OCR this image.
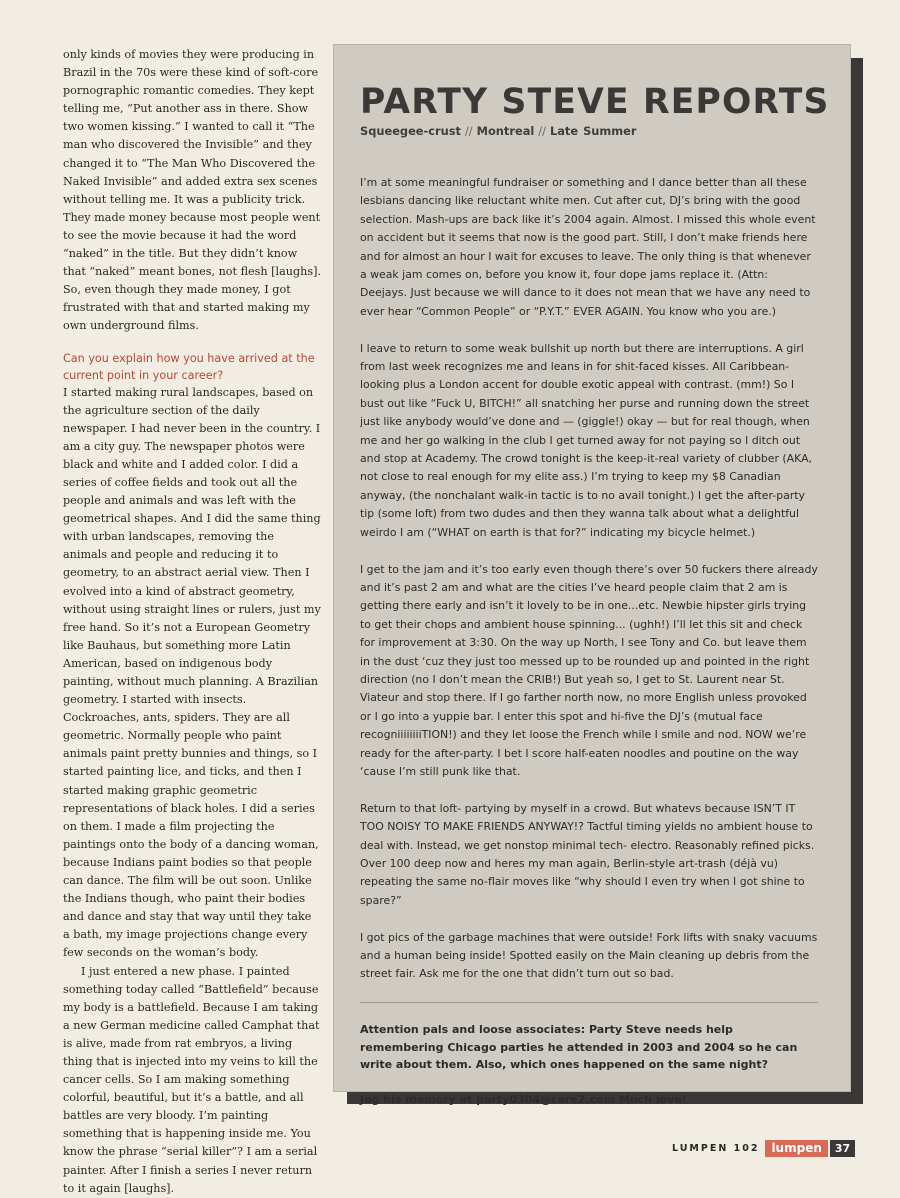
only kinds of movies they were producing in Brazil in the 70s were these kind of soft-core pornographic romantic comedies. They kept telling me, “Put another ass in there. Show two women kissing.” I wanted to call it “The man who discovered the Invisible” and they changed it to “The Man Who Discovered the Naked Invisible” and added extra sex scenes without telling me. It was a publicity trick. They made money because most people went to see the movie because it had the word “naked” in the title. But they didn’t know that “naked” meant bones, not flesh [laughs]. So, even though they made money, I got frustrated with that and started making my own underground films.

Can you explain how you have arrived at the current point in your career?

I started making rural landscapes, based on the agriculture section of the daily newspaper. I had never been in the country. I am a city guy. The newspaper photos were black and white and I added color. I did a series of coffee fields and took out all the people and animals and was left with the geometrical shapes. And I did the same thing with urban landscapes, removing the animals and people and reducing it to geometry, to an abstract aerial view. Then I evolved into a kind of abstract geometry, without using straight lines or rulers, just my free hand. So it’s not a European Geometry like Bauhaus, but something more Latin American, based on indigenous body painting, without much planning. A Brazilian geometry. I started with insects. Cockroaches, ants, spiders. They are all geometric. Normally people who paint animals paint pretty bunnies and things, so I started painting lice, and ticks, and then I started making graphic geometric representations of black holes. I did a series on them. I made a film projecting the paintings onto the body of a dancing woman, because Indians paint bodies so that people can dance. The film will be out soon. Unlike the Indians though, who paint their bodies and dance and stay that way until they take a bath, my image projections change every few seconds on the woman’s body.

I just entered a new phase. I painted something today called “Battlefield” because my body is a battlefield. Because I am taking a new German medicine called Camphat that is alive, made from rat embryos, a living thing that is injected into my veins to kill the cancer cells. So I am making something colorful, beautiful, but it’s a battle, and all battles are very bloody. I’m painting something that is happening inside me. You know the phrase “serial killer”? I am a serial painter. After I finish a series I never return to it again [laughs].

PARTY STEVE REPORTS
Squeegee-crust // Montreal // Late Summer

I’m at some meaningful fundraiser or something and I dance better than all these lesbians dancing like reluctant white men. Cut after cut, DJ’s bring with the good selection. Mash-ups are back like it’s 2004 again. Almost. I missed this whole event on accident but it seems that now is the good part. Still, I don’t make friends here and for almost an hour I wait for excuses to leave. The only thing is that whenever a weak jam comes on, before you know it, four dope jams replace it. (Attn: Deejays. Just because we will dance to it does not mean that we have any need to ever hear “Common People” or “P.Y.T.” EVER AGAIN. You know who you are.)

I leave to return to some weak bullshit up north but there are interruptions. A girl from last week recognizes me and leans in for shit-faced kisses. All Caribbean-looking plus a London accent for double exotic appeal with contrast. (mm!) So I bust out like “Fuck U, BITCH!” all snatching her purse and running down the street just like anybody would’ve done and — (giggle!) okay — but for real though, when me and her go walking in the club I get turned away for not paying so I ditch out and stop at Academy. The crowd tonight is the keep-it-real variety of clubber (AKA, not close to real enough for my elite ass.) I’m trying to keep my $8 Canadian anyway, (the nonchalant walk-in tactic is to no avail tonight.) I get the after-party tip (some loft) from two dudes and then they wanna talk about what a delightful weirdo I am (“WHAT on earth is that for?” indicating my bicycle helmet.)

I get to the jam and it’s too early even though there’s over 50 fuckers there already and it’s past 2 am and what are the cities I’ve heard people claim that 2 am is getting there early and isn’t it lovely to be in one...etc. Newbie hipster girls trying to get their chops and ambient house spinning... (ughh!) I’ll let this sit and check for improvement at 3:30. On the way up North, I see Tony and Co. but leave them in the dust ‘cuz they just too messed up to be rounded up and pointed in the right direction (no I don’t mean the CRIB!) But yeah so, I get to St. Laurent near St. Viateur and stop there. If I go farther north now, no more English unless provoked or I go into a yuppie bar. I enter this spot and hi-five the DJ’s (mutual face recogniiiiiiiiTION!) and they let loose the French while I smile and nod. NOW we’re ready for the after-party. I bet I score half-eaten noodles and poutine on the way ‘cause I’m still punk like that.

Return to that loft- partying by myself in a crowd. But whatevs because ISN’T IT TOO NOISY TO MAKE FRIENDS ANYWAY!? Tactful timing yields no ambient house to deal with. Instead, we get nonstop minimal tech- electro. Reasonably refined picks. Over 100 deep now and heres my man again, Berlin-style art-trash (déjà vu) repeating the same no-flair moves like “why should I even try when I got shine to spare?”

I got pics of the garbage machines that were outside! Fork lifts with snaky vacuums and a human being inside! Spotted easily on the Main cleaning up debris from the street fair. Ask me for the one that didn’t turn out so bad.

Attention pals and loose associates: Party Steve needs help remembering Chicago parties he attended in 2003 and 2004 so he can write about them. Also, which ones happened on the same night?

Jog his memory at party0304@care2.com Much love!

LUMPEN 102	lumpen	37
